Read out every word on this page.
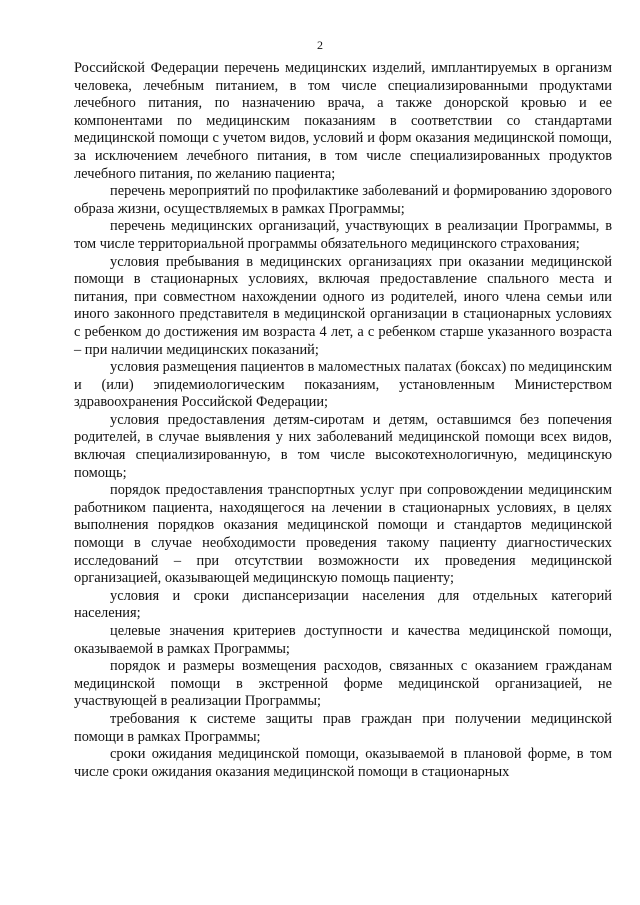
2

Российской Федерации перечень медицинских изделий, имплантируемых в организм человека, лечебным питанием, в том числе специализированными продуктами лечебного питания, по назначению врача, а также донорской кровью и ее компонентами по медицинским показаниям в соответствии со стандартами медицинской помощи с учетом видов, условий и форм оказания медицинской помощи, за исключением лечебного питания, в том числе специализированных продуктов лечебного питания, по желанию пациента;

перечень мероприятий по профилактике заболеваний и формированию здорового образа жизни, осуществляемых в рамках Программы;

перечень медицинских организаций, участвующих в реализации Программы, в том числе территориальной программы обязательного медицинского страхования;

условия пребывания в медицинских организациях при оказании медицинской помощи в стационарных условиях, включая предоставление спального места и питания, при совместном нахождении одного из родителей, иного члена семьи или иного законного представителя в медицинской организации в стационарных условиях с ребенком до достижения им возраста 4 лет, а с ребенком старше указанного возраста – при наличии медицинских показаний;

условия размещения пациентов в маломестных палатах (боксах) по медицинским и (или) эпидемиологическим показаниям, установленным Министерством здравоохранения Российской Федерации;

условия предоставления детям-сиротам и детям, оставшимся без попечения родителей, в случае выявления у них заболеваний медицинской помощи всех видов, включая специализированную, в том числе высокотехнологичную, медицинскую помощь;

порядок предоставления транспортных услуг при сопровождении медицинским работником пациента, находящегося на лечении в стационарных условиях, в целях выполнения порядков оказания медицинской помощи и стандартов медицинской помощи в случае необходимости проведения такому пациенту диагностических исследований – при отсутствии возможности их проведения медицинской организацией, оказывающей медицинскую помощь пациенту;

условия и сроки диспансеризации населения для отдельных категорий населения;

целевые значения критериев доступности и качества медицинской помощи, оказываемой в рамках Программы;

порядок и размеры возмещения расходов, связанных с оказанием гражданам медицинской помощи в экстренной форме медицинской организацией, не участвующей в реализации Программы;

требования к системе защиты прав граждан при получении медицинской помощи в рамках Программы;

сроки ожидания медицинской помощи, оказываемой в плановой форме, в том числе сроки ожидания оказания медицинской помощи в стационарных
